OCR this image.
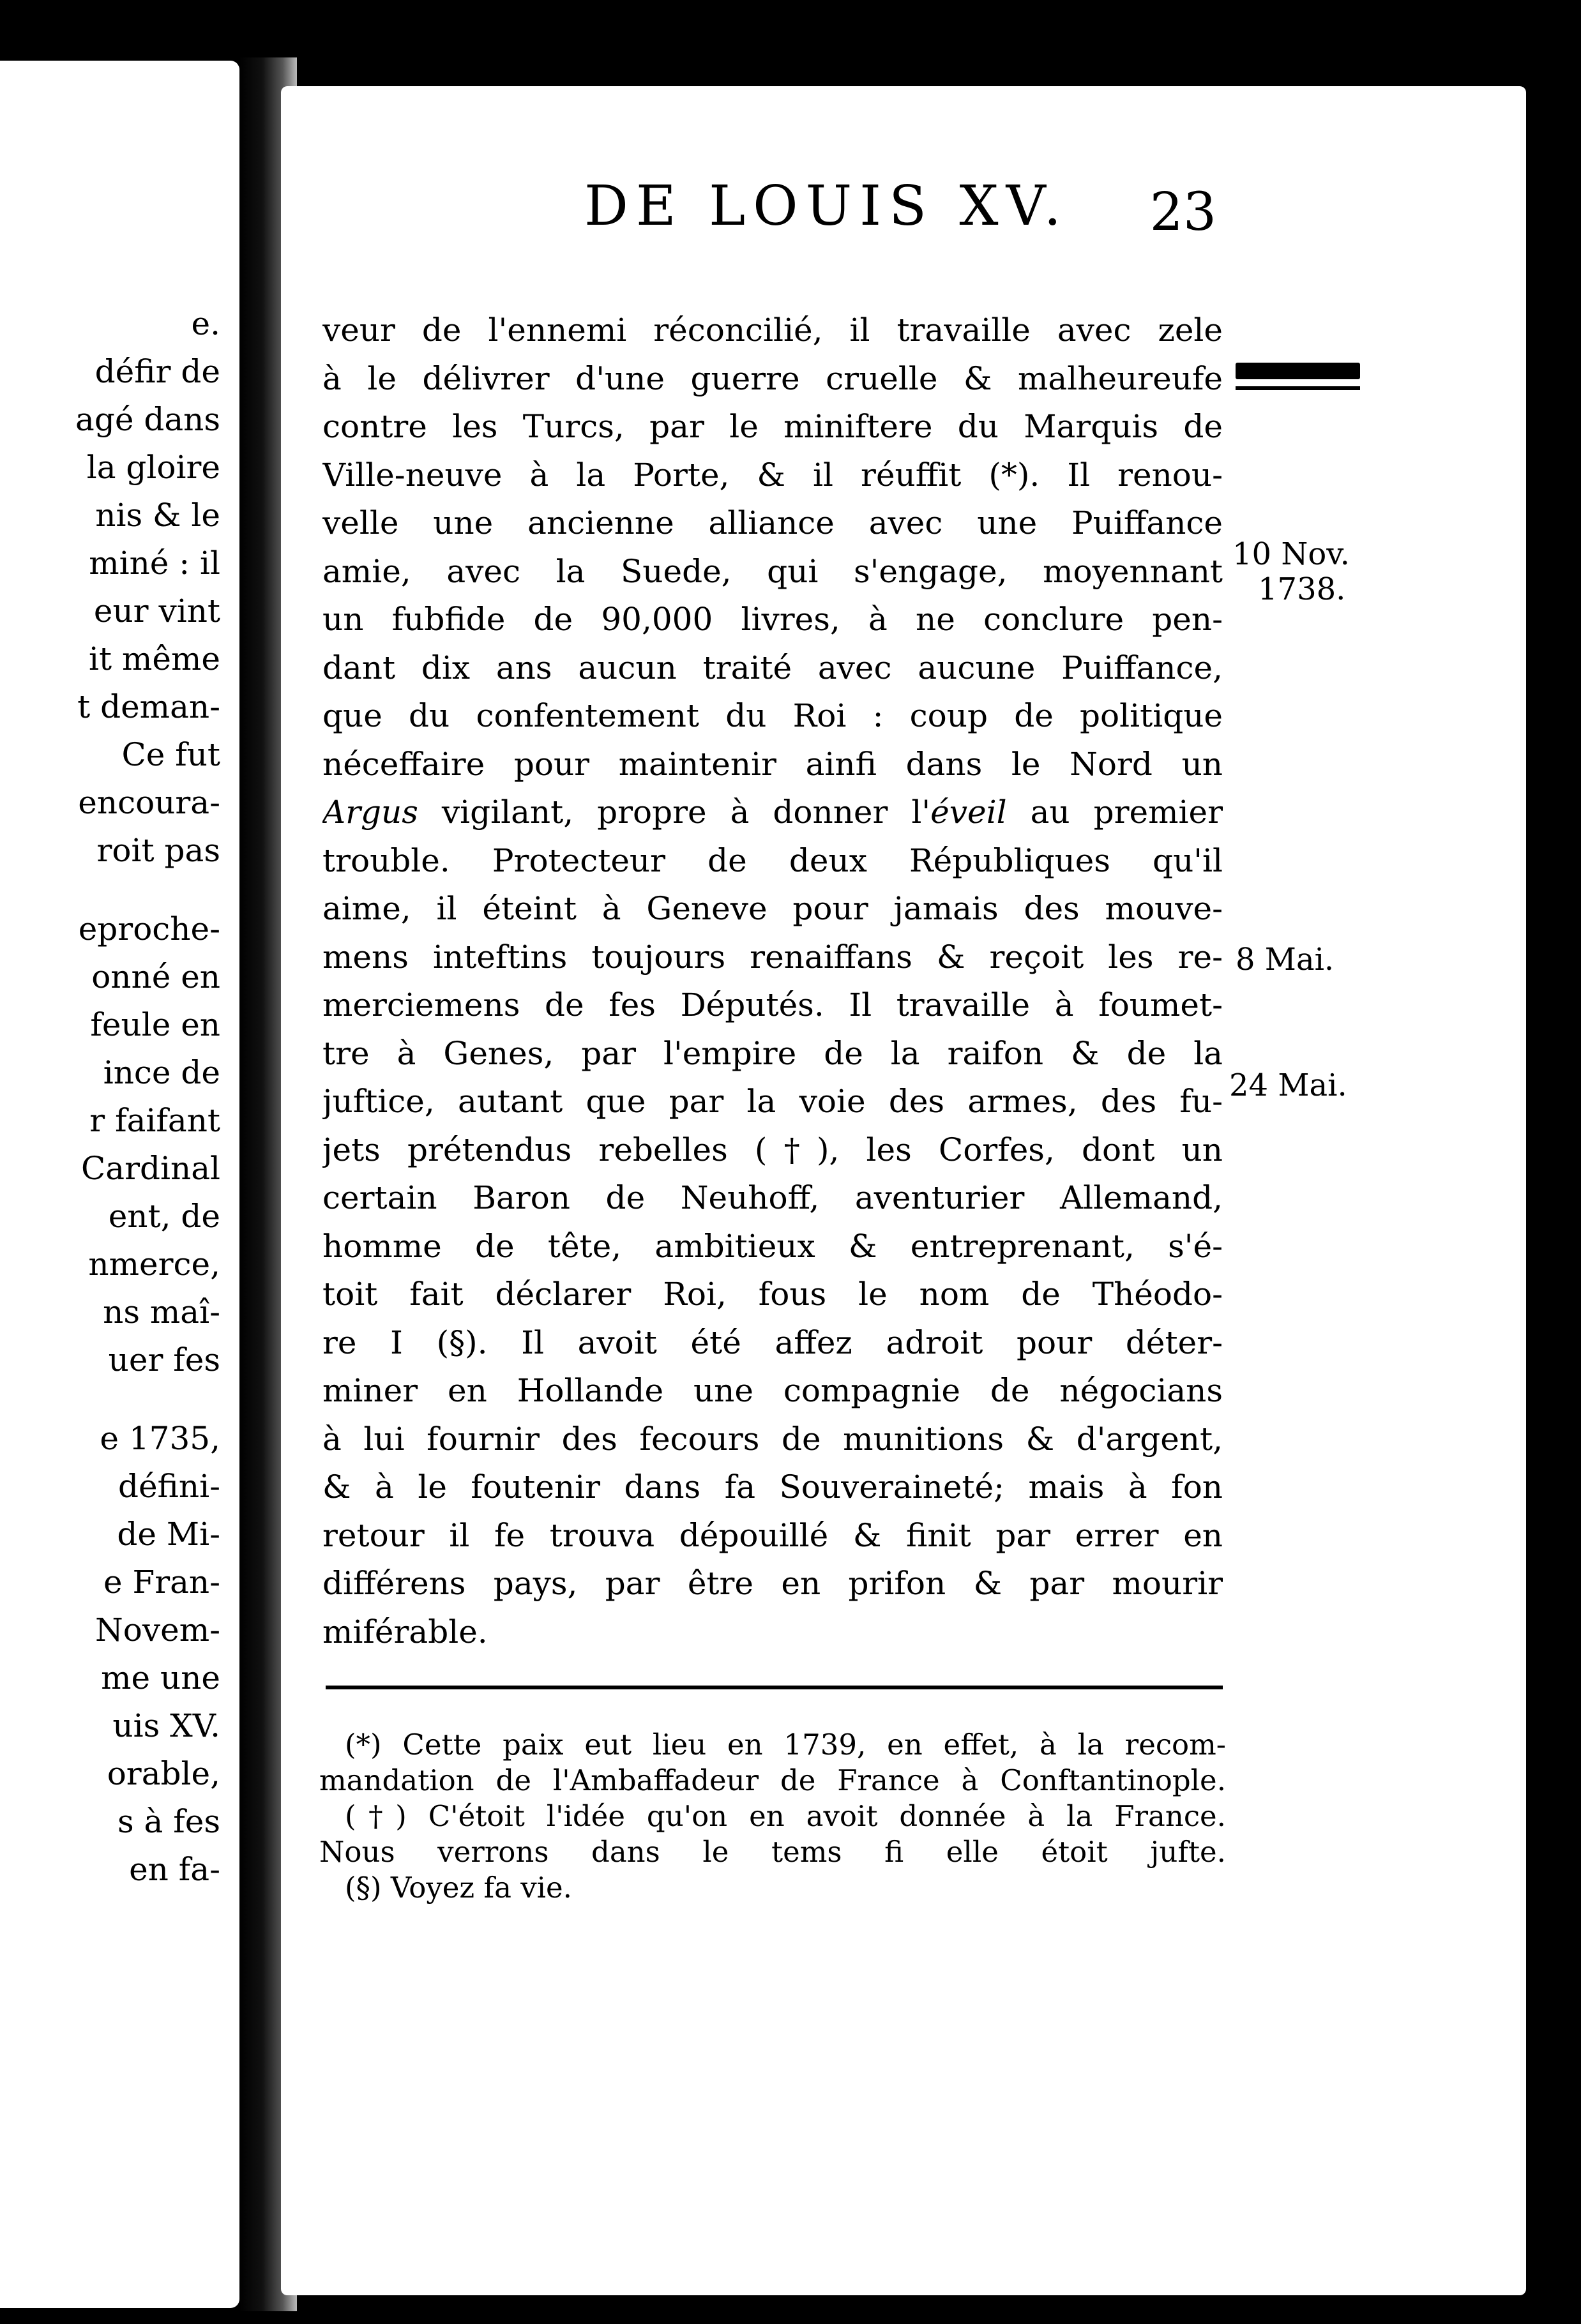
e.
défir de
agé dans
la gloire
nis & le
miné : il
eur vint
it même
t deman-
Ce fut
encoura-
roit pas
eproche-
onné en
feule en
ince de
r faifant
Cardinal
ent, de
nmerce,
ns maî-
uer fes
e 1735,
défini-
de Mi-
e Fran-
Novem-
me une
uis XV.
orable,
s à fes
en fa-
DE LOUIS XV. 23
veur de l'ennemi réconcilié, il travaille avec zele
à le délivrer d'une guerre cruelle & malheureufe
contre les Turcs, par le miniftere du Marquis de
Ville-neuve à la Porte, & il réuffit (*). Il renou-
velle une ancienne alliance avec une Puiffance
amie, avec la Suede, qui s'engage, moyennant
un fubfide de 90,000 livres, à ne conclure pen-
dant dix ans aucun traité avec aucune Puiffance,
que du confentement du Roi : coup de politique
néceffaire pour maintenir ainfi dans le Nord un
Argus vigilant, propre à donner l'éveil au premier
trouble. Protecteur de deux Républiques qu'il
aime, il éteint à Geneve pour jamais des mouve-
mens inteftins toujours renaiffans & reçoit les re-
merciemens de fes Députés. Il travaille à foumet-
tre à Genes, par l'empire de la raifon & de la
juftice, autant que par la voie des armes, des fu-
jets prétendus rebelles (†), les Corfes, dont un
certain Baron de Neuhoff, aventurier Allemand,
homme de tête, ambitieux & entreprenant, s'é-
toit fait déclarer Roi, fous le nom de Théodo-
re I (§). Il avoit été affez adroit pour déter-
miner en Hollande une compagnie de négocians
à lui fournir des fecours de munitions & d'argent,
& à le foutenir dans fa Souveraineté; mais à fon
retour il fe trouva dépouillé & finit par errer en
différens pays, par être en prifon & par mourir
miférable.
10 Nov.
1738.
8 Mai.
24 Mai.
(*) Cette paix eut lieu en 1739, en effet, à la recom-
mandation de l'Ambaffadeur de France à Conftantinople.
(†) C'étoit l'idée qu'on en avoit donnée à la France.
Nous verrons dans le tems fi elle étoit jufte.
(§) Voyez fa vie.
